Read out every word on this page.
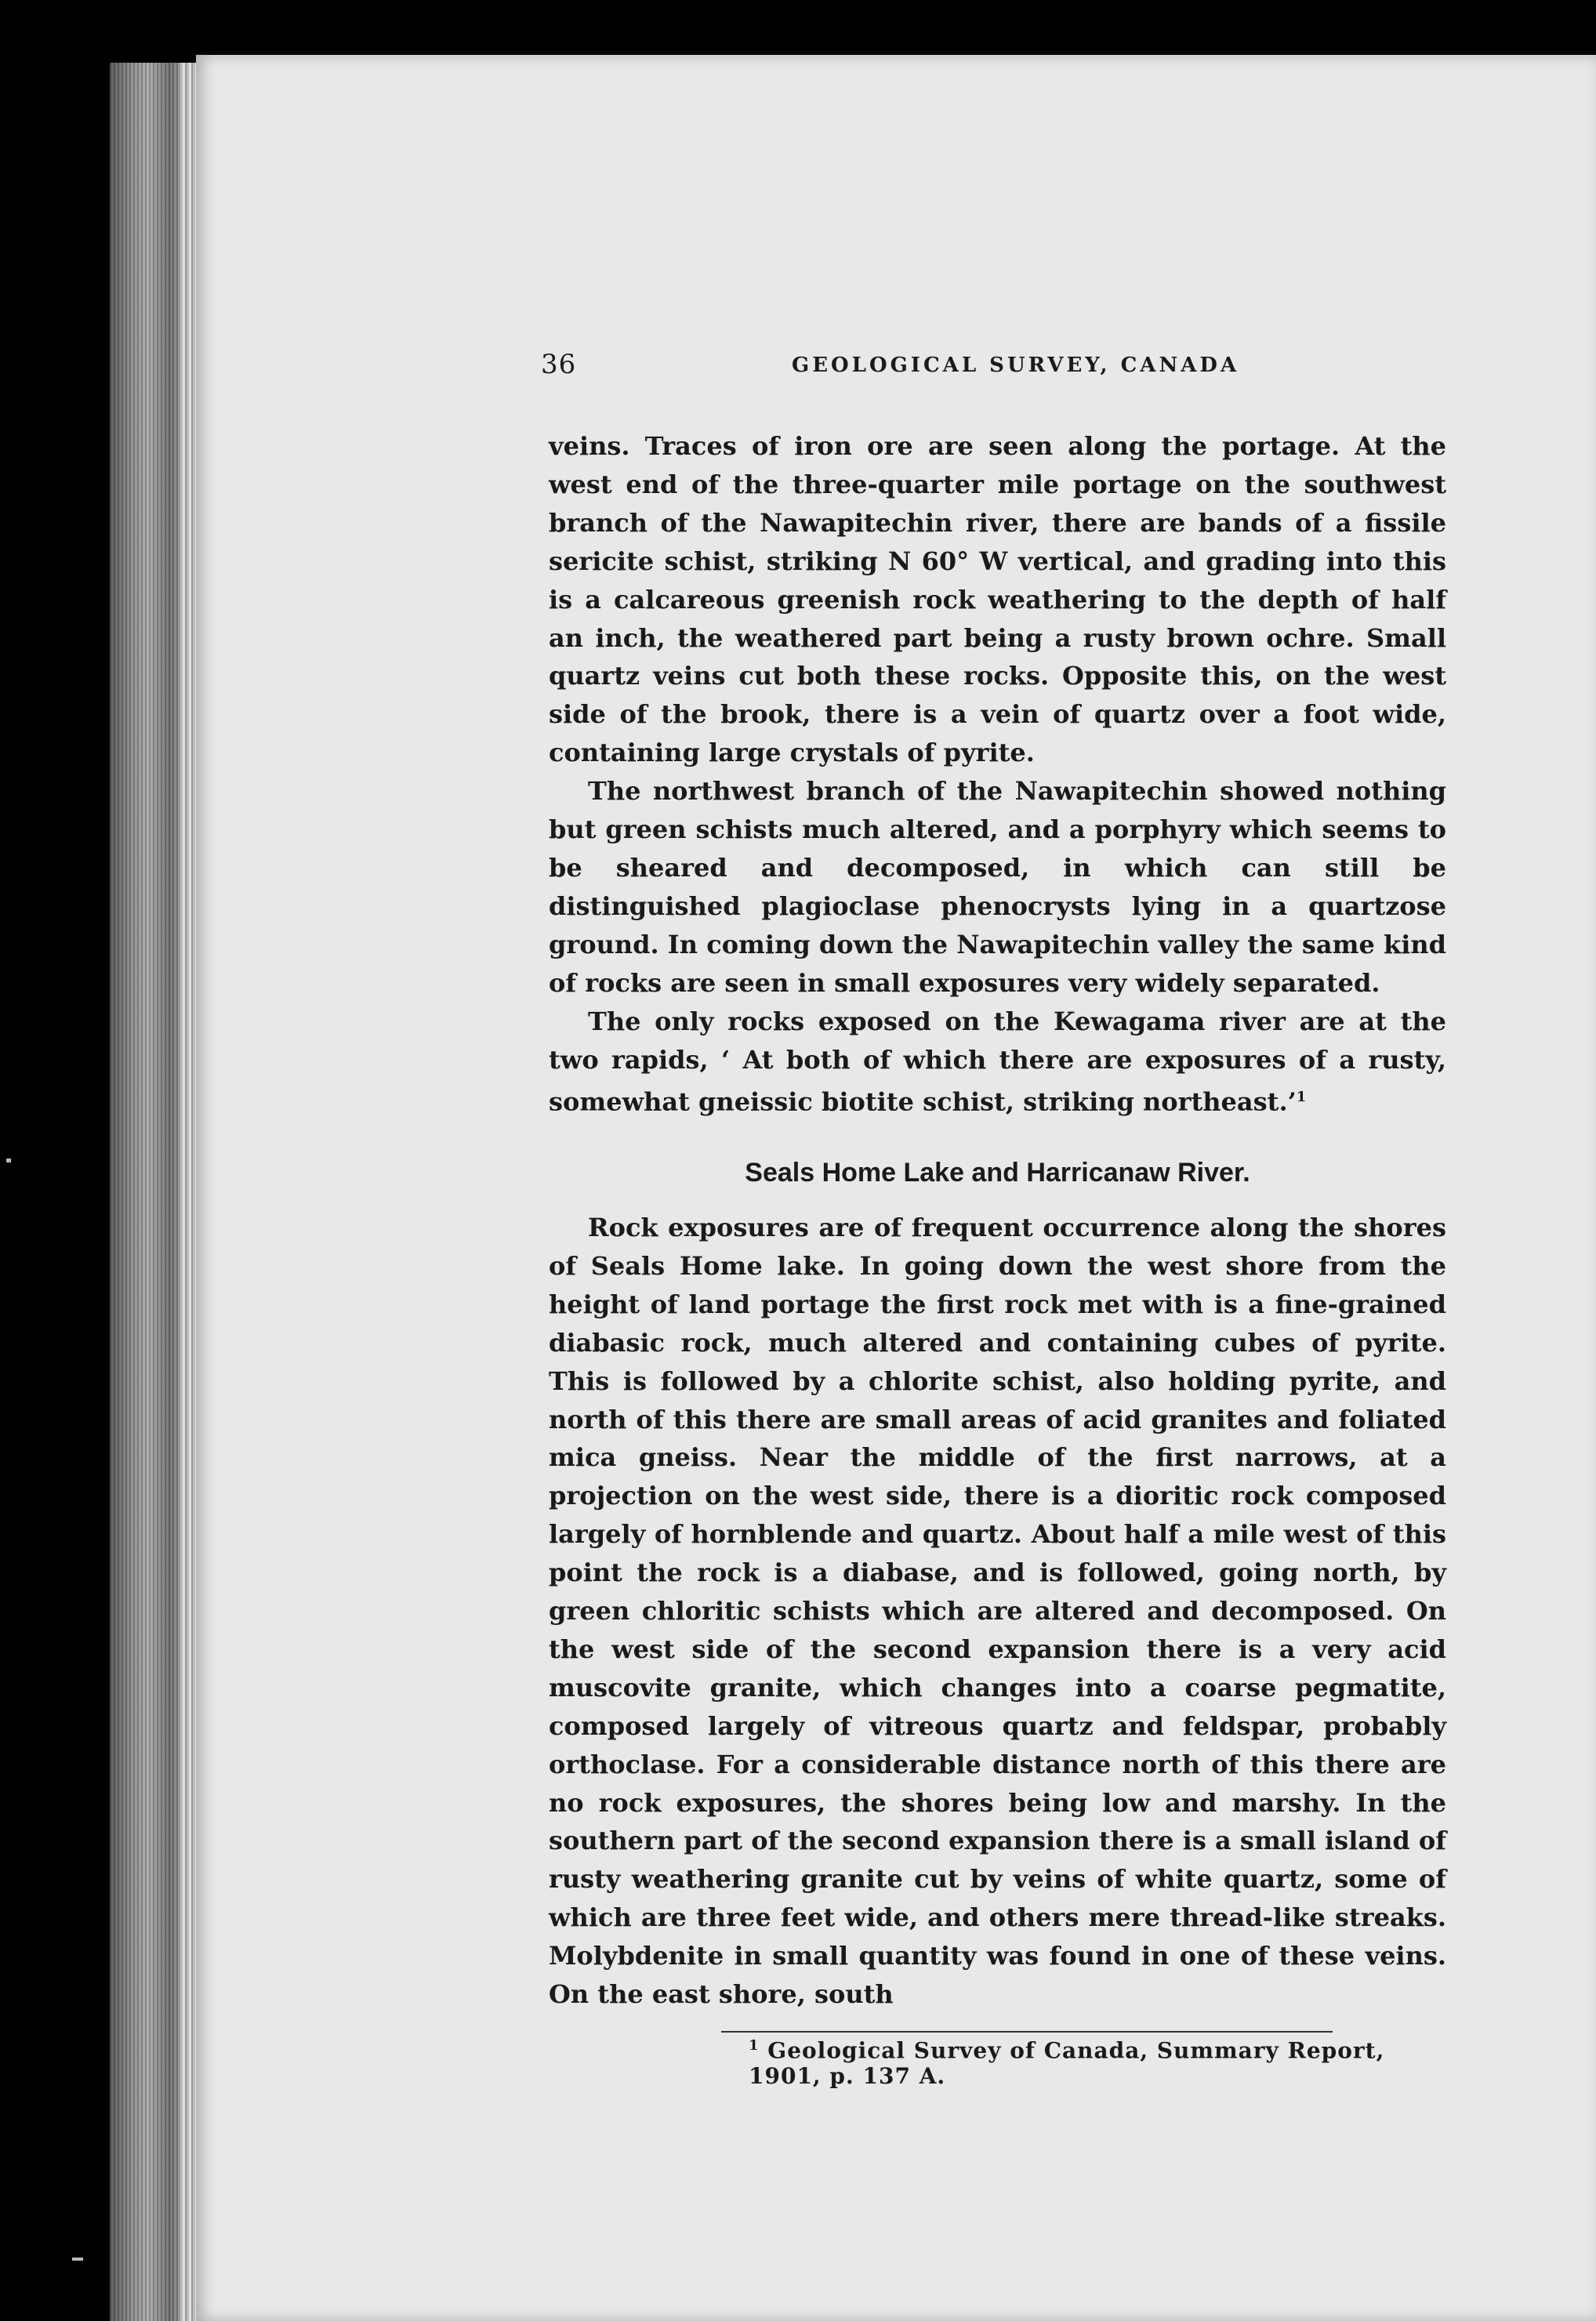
36	GEOLOGICAL SURVEY, CANADA

veins. Traces of iron ore are seen along the portage. At the west end of the three-quarter mile portage on the southwest branch of the Nawapitechin river, there are bands of a fissile sericite schist, striking N 60° W vertical, and grading into this is a calcareous greenish rock weathering to the depth of half an inch, the weathered part being a rusty brown ochre. Small quartz veins cut both these rocks. Opposite this, on the west side of the brook, there is a vein of quartz over a foot wide, containing large crystals of pyrite.

The northwest branch of the Nawapitechin showed nothing but green schists much altered, and a porphyry which seems to be sheared and decomposed, in which can still be distinguished plagioclase phenocrysts lying in a quartzose ground. In coming down the Nawapitechin valley the same kind of rocks are seen in small exposures very widely separated.

The only rocks exposed on the Kewagama river are at the two rapids, ‘ At both of which there are exposures of a rusty, somewhat gneissic biotite schist, striking northeast.’$^1$

Seals Home Lake and Harricanaw River.

Rock exposures are of frequent occurrence along the shores of Seals Home lake. In going down the west shore from the height of land portage the first rock met with is a fine-grained diabasic rock, much altered and containing cubes of pyrite. This is followed by a chlorite schist, also holding pyrite, and north of this there are small areas of acid granites and foliated mica gneiss. Near the middle of the first narrows, at a projection on the west side, there is a dioritic rock composed largely of hornblende and quartz. About half a mile west of this point the rock is a diabase, and is followed, going north, by green chloritic schists which are altered and decomposed. On the west side of the second expansion there is a very acid muscovite granite, which changes into a coarse pegmatite, composed largely of vitreous quartz and feldspar, probably orthoclase. For a considerable distance north of this there are no rock exposures, the shores being low and marshy. In the southern part of the second expansion there is a small island of rusty weathering granite cut by veins of white quartz, some of which are three feet wide, and others mere thread-like streaks. Molybdenite in small quantity was found in one of these veins. On the east shore, south

$^1$ Geological Survey of Canada, Summary Report, 1901, p. 137 A.
